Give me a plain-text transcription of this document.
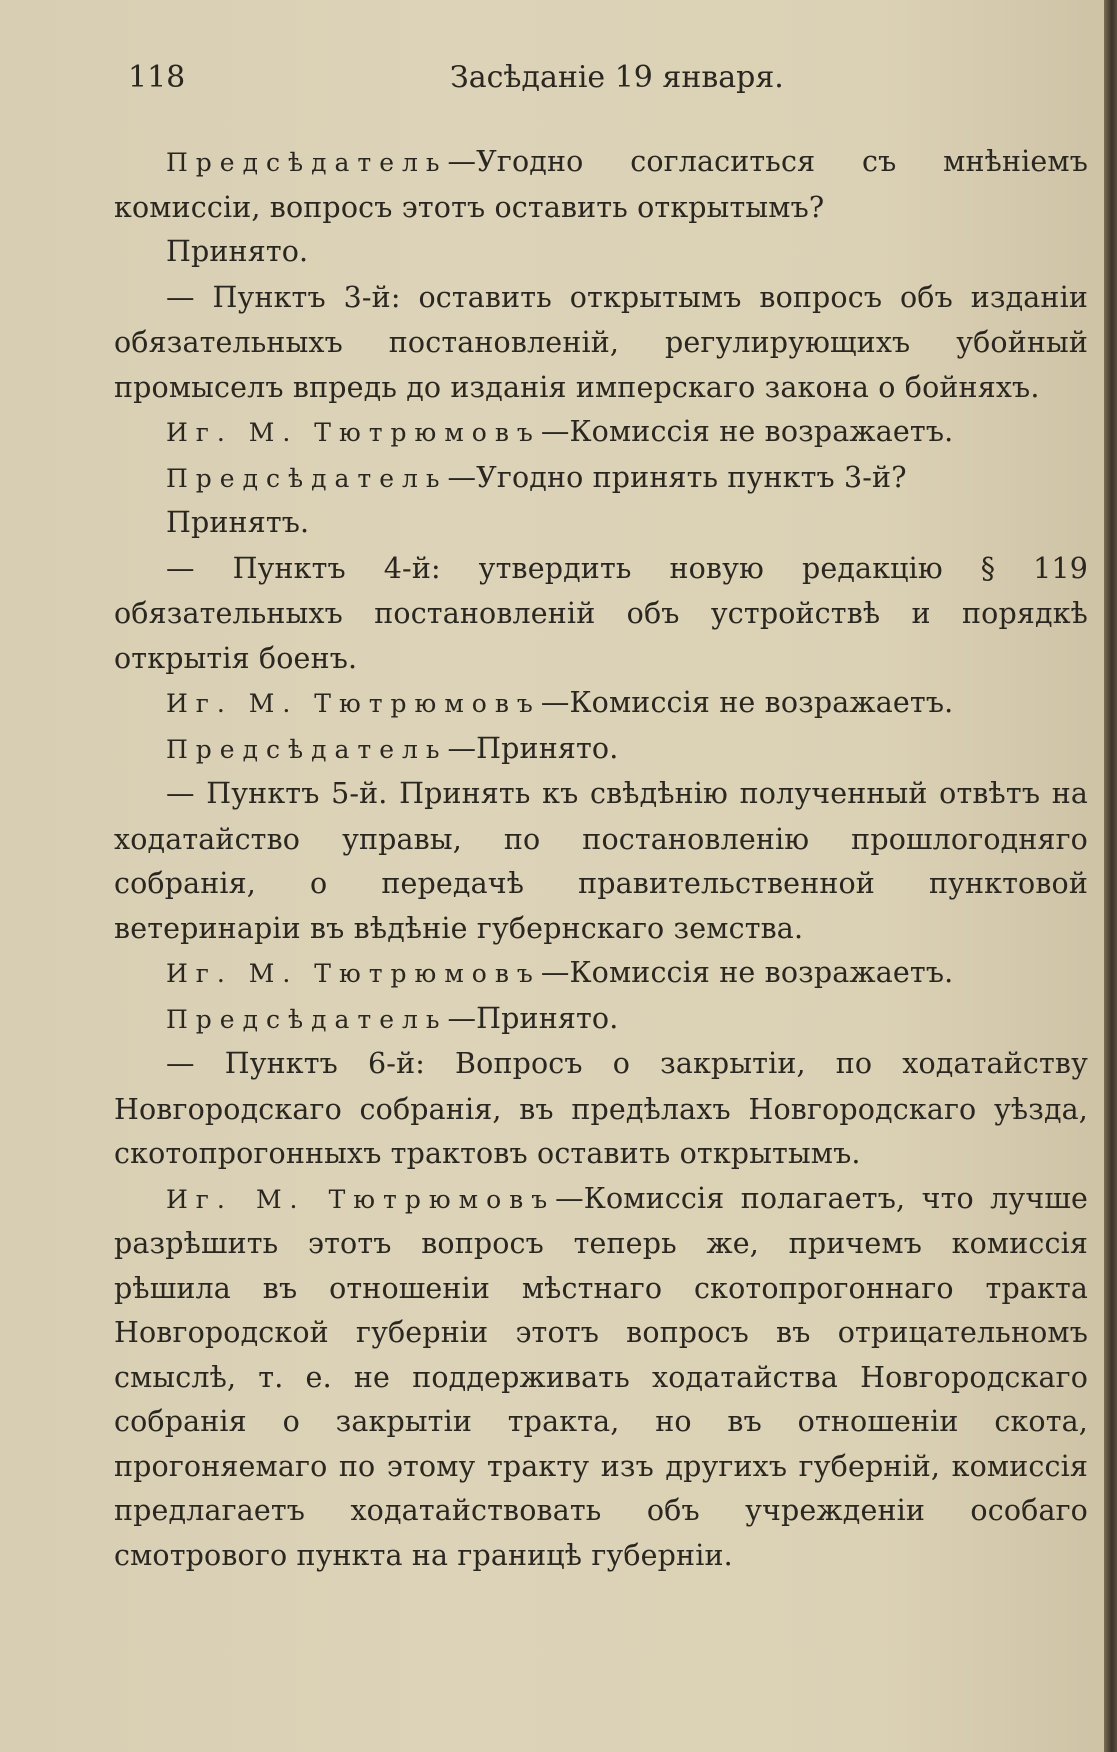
118	Засѣданіе 19 января.

Предсѣдатель—Угодно согласиться съ мнѣніемъ комиссіи, вопросъ этотъ оставить открытымъ?

Принято.

— Пунктъ 3-й: оставить открытымъ вопросъ объ изданіи обязательныхъ постановленій, регулирующихъ убойный промыселъ впредь до изданія имперскаго закона о бойняхъ.

Иг. М. Тютрюмовъ—Комиссія не возражаетъ.

Предсѣдатель—Угодно принять пунктъ 3-й?

Принятъ.

— Пунктъ 4-й: утвердить новую редакцію § 119 обязательныхъ постановленій объ устройствѣ и порядкѣ открытія боенъ.

Иг. М. Тютрюмовъ—Комиссія не возражаетъ.

Предсѣдатель—Принято.

— Пунктъ 5-й. Принять къ свѣдѣнію полученный отвѣтъ на ходатайство управы, по постановленію прошлогодняго собранія, о передачѣ правительственной пунктовой ветеринаріи въ вѣдѣніе губернскаго земства.

Иг. М. Тютрюмовъ—Комиссія не возражаетъ.

Предсѣдатель—Принято.

— Пунктъ 6-й: Вопросъ о закрытіи, по ходатайству Новгородскаго собранія, въ предѣлахъ Новгородскаго уѣзда, скотопрогонныхъ трактовъ оставить открытымъ.

Иг. М. Тютрюмовъ—Комиссія полагаетъ, что лучше разрѣшить этотъ вопросъ теперь же, причемъ комиссія рѣшила въ отношеніи мѣстнаго скотопрогоннаго тракта Новгородской губерніи этотъ вопросъ въ отрицательномъ смыслѣ, т. е. не поддерживать ходатайства Новгородскаго собранія о закрытіи тракта, но въ отношеніи скота, прогоняемаго по этому тракту изъ другихъ губерній, комиссія предлагаетъ ходатайствовать объ учрежденіи особаго смотрового пункта на границѣ губерніи.
